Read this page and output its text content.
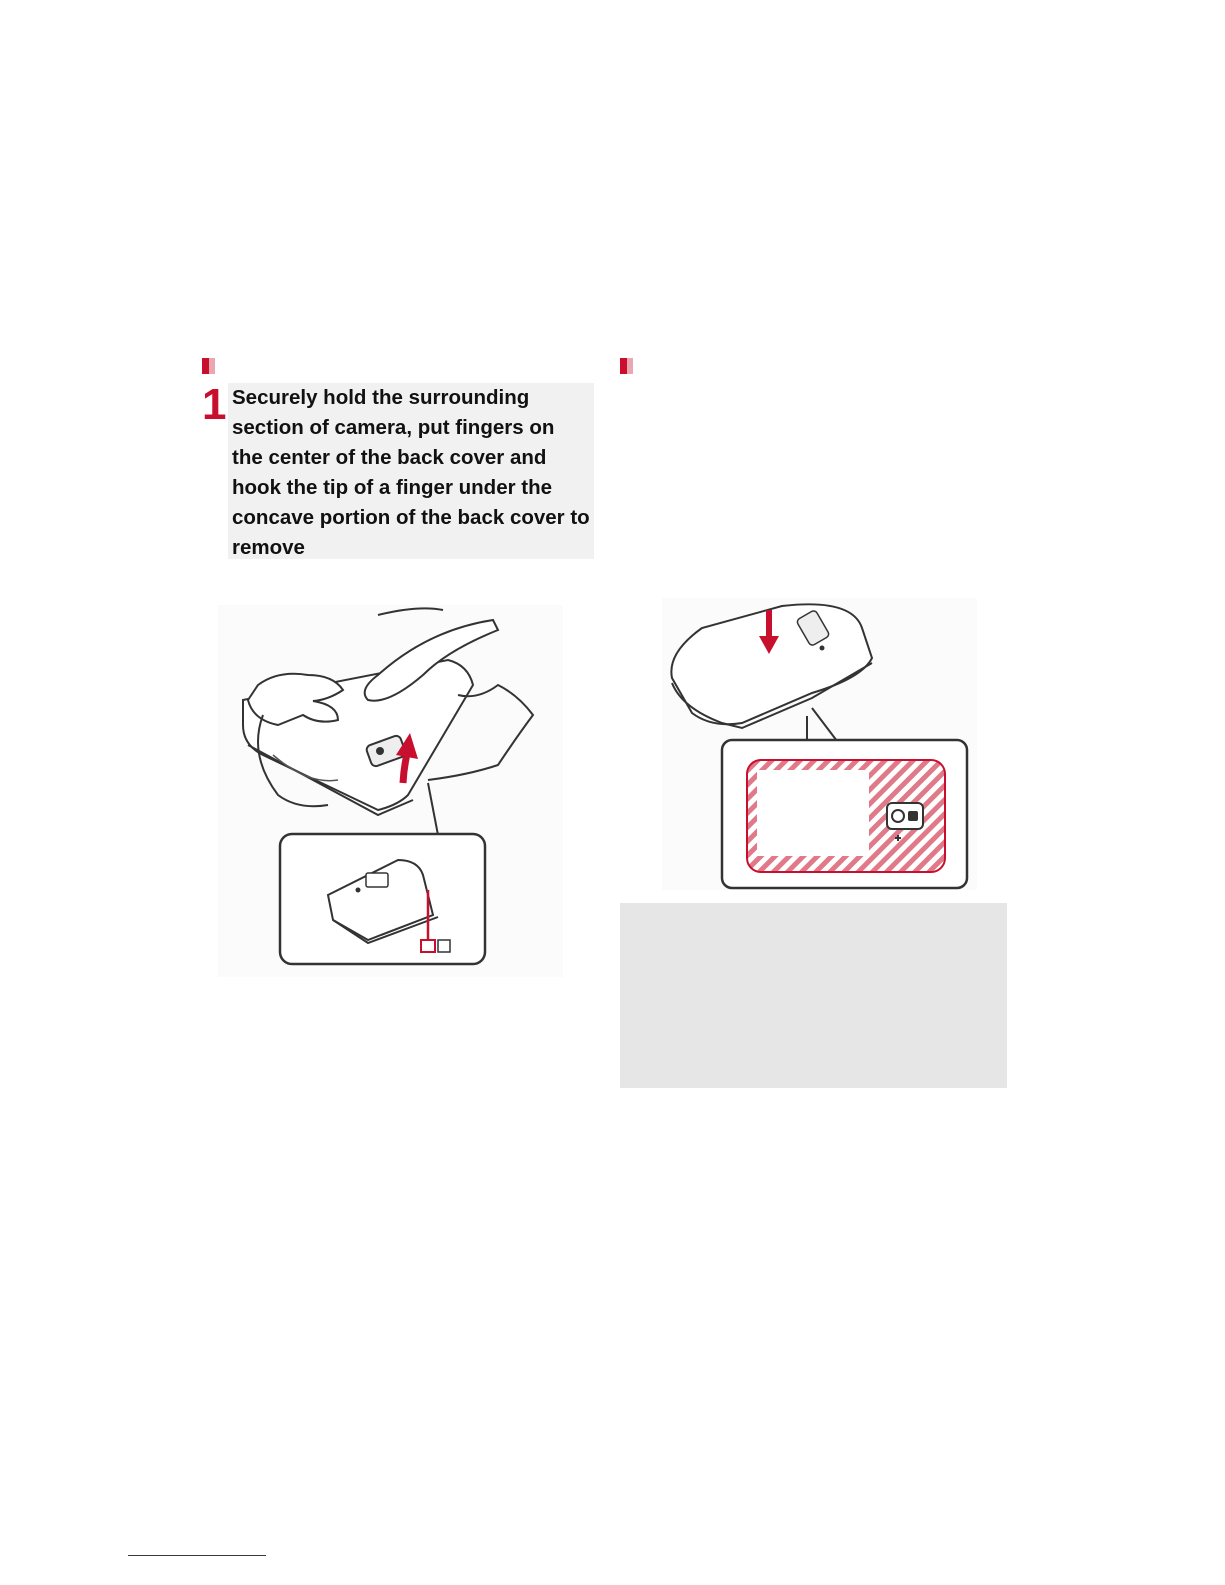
1 Securely hold the surrounding section of camera, put fingers on the center of the back cover and hook the tip of a finger under the concave portion of the back cover to remove
